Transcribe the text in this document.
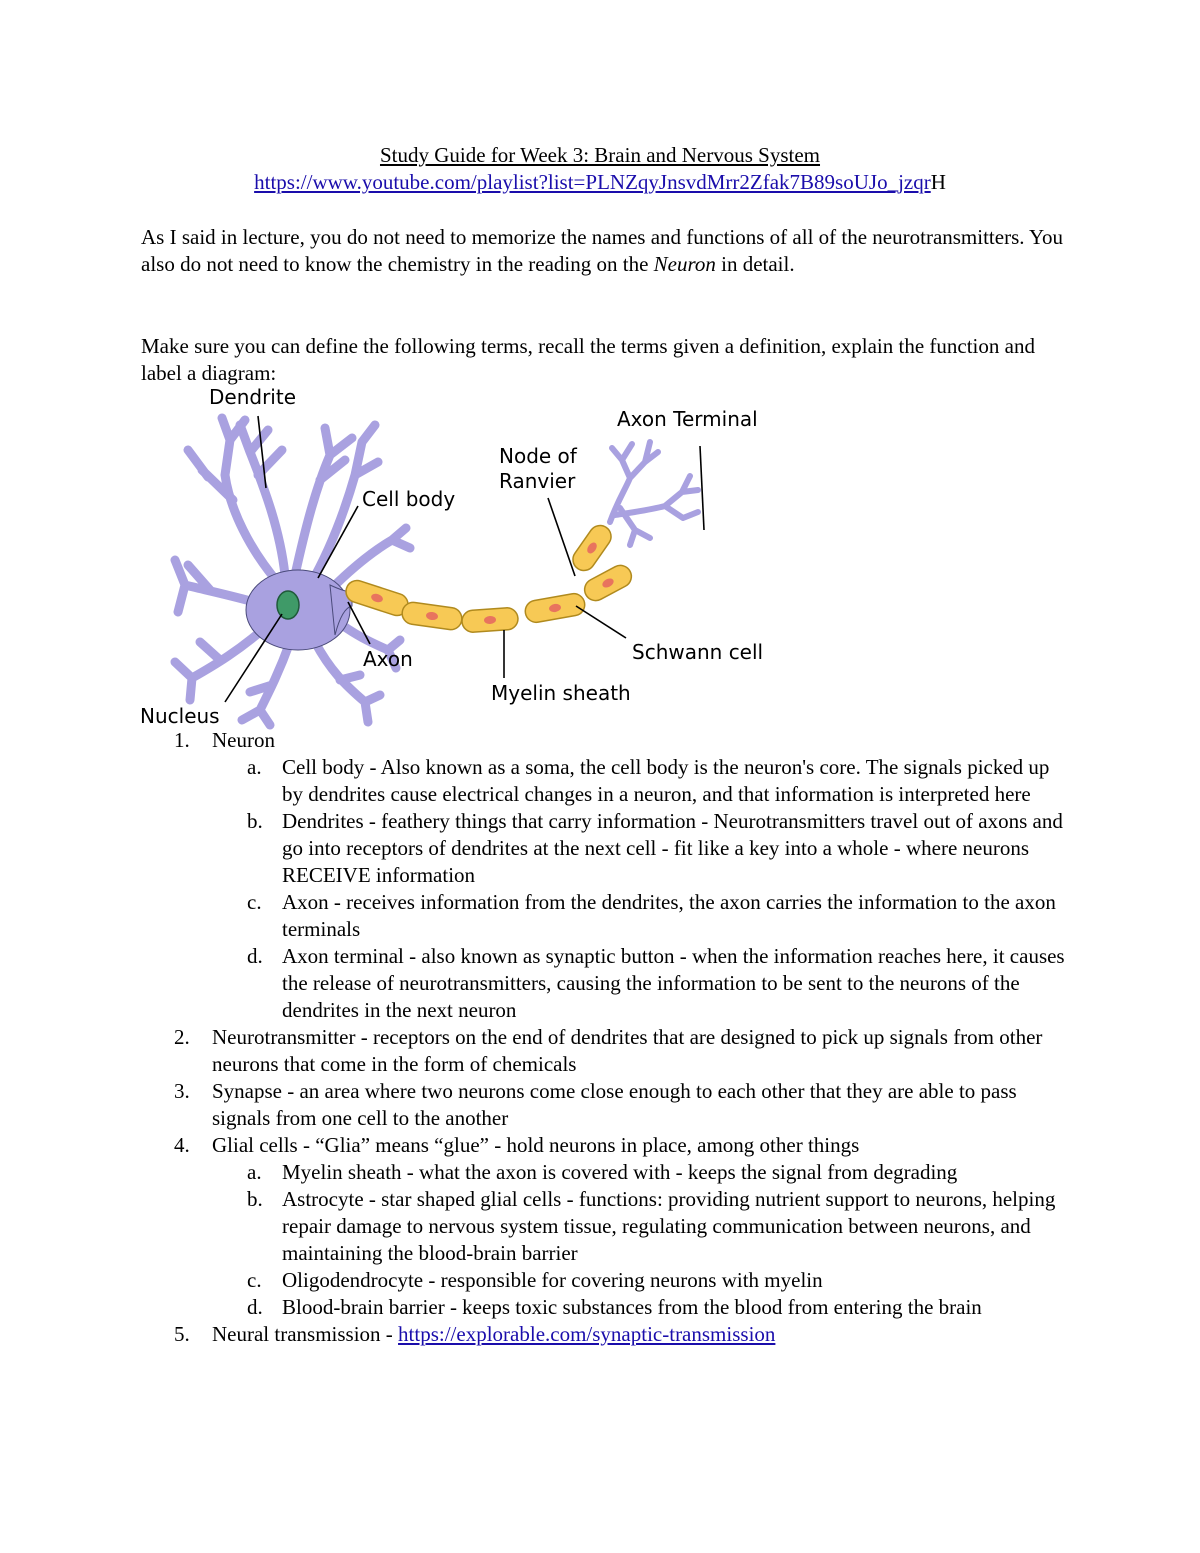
Study Guide for Week 3: Brain and Nervous System
https://www.youtube.com/playlist?list=PLNZqyJnsvdMrr2Zfak7B89soUJo_jzqrH

As I said in lecture, you do not need to memorize the names and functions of all of the neurotransmitters. You also do not need to know the chemistry in the reading on the Neuron in detail.

Make sure you can define the following terms, recall the terms given a definition, explain the function and label a diagram:

Dendrite
Axon Terminal
Node of
Ranvier
Cell body
Axon	Schwann cell
Myelin sheath
Nucleus
1. Neuron
a. Cell body - Also known as a soma, the cell body is the neuron's core. The signals picked up by dendrites cause electrical changes in a neuron, and that information is interpreted here
b. Dendrites - feathery things that carry information - Neurotransmitters travel out of axons and go into receptors of dendrites at the next cell - fit like a key into a whole - where neurons RECEIVE information
c. Axon - receives information from the dendrites, the axon carries the information to the axon terminals
d. Axon terminal - also known as synaptic button - when the information reaches here, it causes the release of neurotransmitters, causing the information to be sent to the neurons of the dendrites in the next neuron
2. Neurotransmitter - receptors on the end of dendrites that are designed to pick up signals from other neurons that come in the form of chemicals
3. Synapse - an area where two neurons come close enough to each other that they are able to pass signals from one cell to the another
4. Glial cells - “Glia” means “glue” - hold neurons in place, among other things
a. Myelin sheath - what the axon is covered with - keeps the signal from degrading
b. Astrocyte - star shaped glial cells - functions: providing nutrient support to neurons, helping repair damage to nervous system tissue, regulating communication between neurons, and maintaining the blood-brain barrier
c. Oligodendrocyte - responsible for covering neurons with myelin
d. Blood-brain barrier - keeps toxic substances from the blood from entering the brain
5. Neural transmission - https://explorable.com/synaptic-transmission
